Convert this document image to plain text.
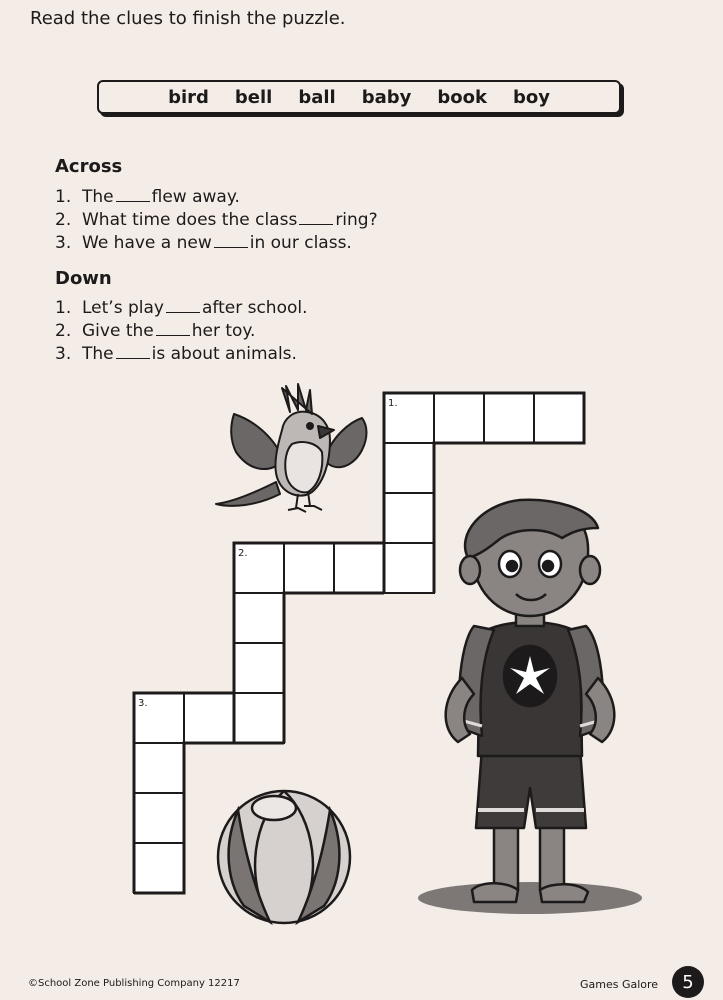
Read the clues to finish the puzzle.
bird bell ball baby book boy
Across
1. The flew away.
2. What time does the class ring?
3. We have a new in our class.
Down
1. Let’s play after school.
2. Give the her toy.
3. The is about animals.
1.
2.
3.
©School Zone Publishing Company 12217	Games Galore	5
